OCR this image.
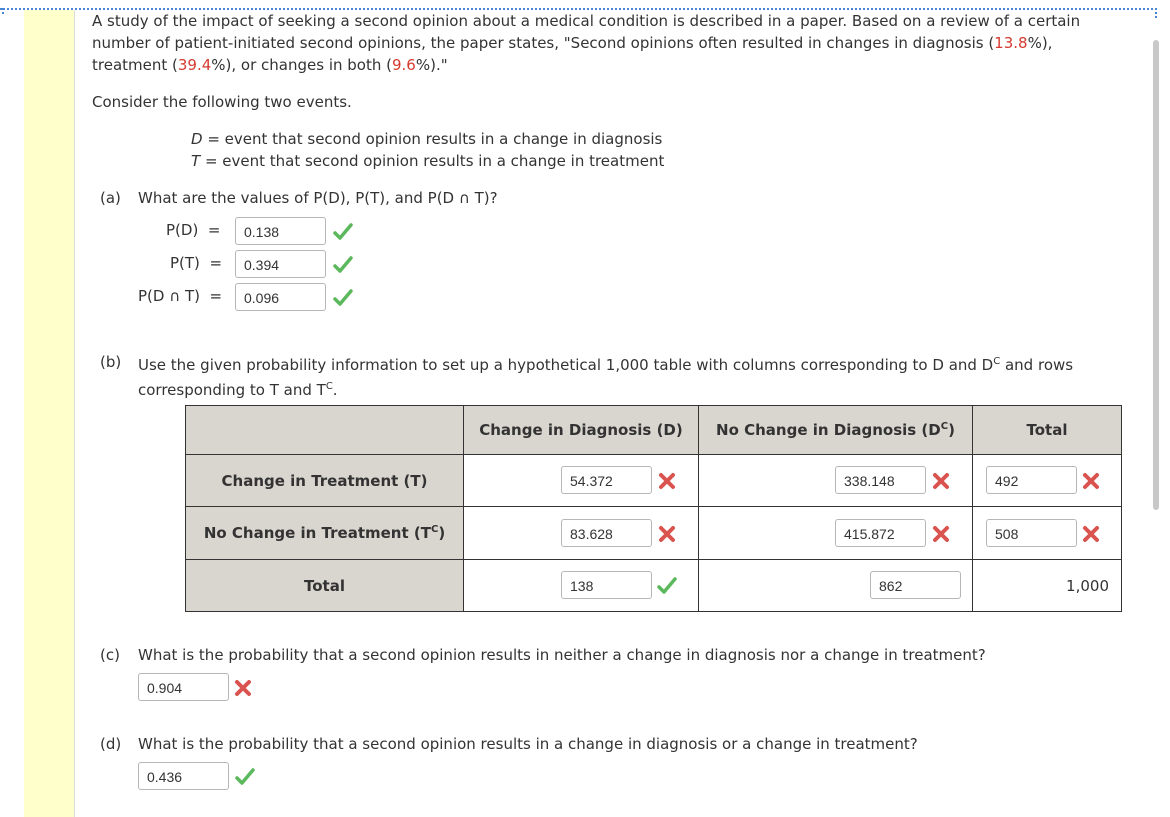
A study of the impact of seeking a second opinion about a medical condition is described in a paper. Based on a review of a certain
number of patient-initiated second opinions, the paper states, "Second opinions often resulted in changes in diagnosis (13.8%),
treatment (39.4%), or changes in both (9.6%)."
Consider the following two events.
D = event that second opinion results in a change in diagnosis
T = event that second opinion results in a change in treatment
(a) What are the values of P(D), P(T), and P(D ∩ T)?
P(D)  =	0.138
P(T)  =	0.394
P(D ∩ T)  =	0.096
(b) Use the given probability information to set up a hypothetical 1,000 table with columns corresponding to D and $D^C$ and rows
corresponding to T and $T^C$.
	Change in Diagnosis (D)	No Change in Diagnosis $(D^C)$	Total
Change in Treatment (T)	54.372	338.148	492

No Change in Treatment $(T^C)$	83.628	415.872	508

Total	138	862	1,000
(c) What is the probability that a second opinion results in neither a change in diagnosis nor a change in treatment?
0.904
(d) What is the probability that a second opinion results in a change in diagnosis or a change in treatment?
0.436
